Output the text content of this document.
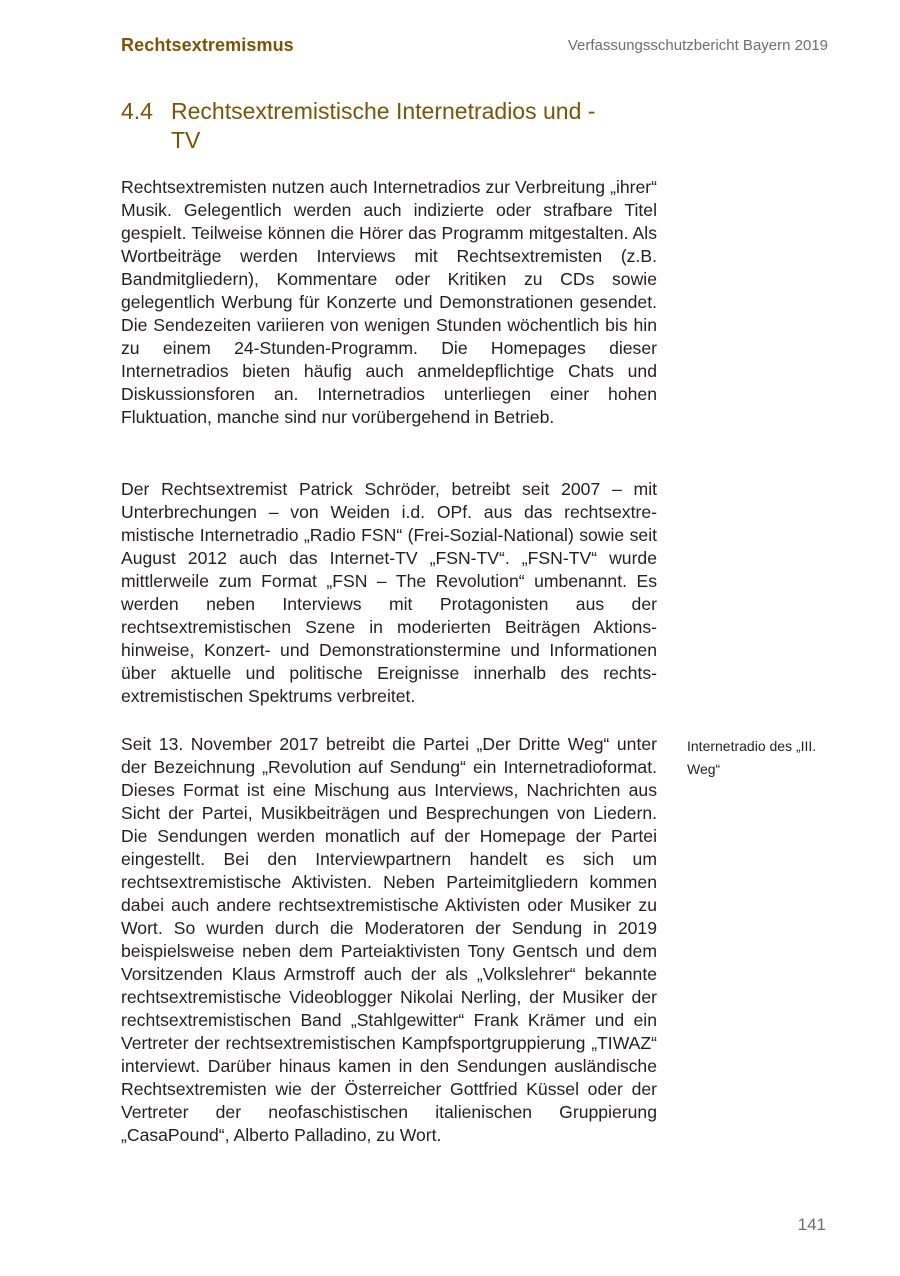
Rechtsextremismus	Verfassungsschutzbericht Bayern 2019
4.4 Rechtsextremistische Internetradios und -TV

Rechtsextremisten nutzen auch Internetradios zur Verbreitung „ihrer“ Musik. Gelegentlich werden auch indizierte oder strafbare Titel gespielt. Teilweise können die Hörer das Programm mitgestalten. Als Wortbeiträge werden Interviews mit Rechtsextremisten (z.B. Bandmitgliedern), Kommentare oder Kritiken zu CDs sowie gelegentlich Werbung für Konzerte und Demonstrationen gesendet. Die Sendezeiten variieren von wenigen Stunden wöchentlich bis hin zu einem 24-Stunden-Programm. Die Homepages dieser Internetradios bieten häufig auch anmeldepflichtige Chats und Diskussionsforen an. Internetradios unterliegen einer hohen Fluktuation, manche sind nur vorübergehend in Betrieb.

Der Rechtsextremist Patrick Schröder, betreibt seit 2007 – mit Unterbrechungen – von Weiden i.d. OPf. aus das rechtsextremistische Internetradio „Radio FSN“ (Frei-Sozial-National) sowie seit August 2012 auch das Internet-TV „FSN-TV“. „FSN-TV“ wurde mittlerweile zum Format „FSN – The Revolution“ umbenannt. Es werden neben Interviews mit Protagonisten aus der rechtsextremistischen Szene in moderierten Beiträgen Aktionshinweise, Konzert- und Demonstrationstermine und Informationen über aktuelle und politische Ereignisse innerhalb des rechtsextremistischen Spektrums verbreitet.

Seit 13. November 2017 betreibt die Partei „Der Dritte Weg“ unter der Bezeichnung „Revolution auf Sendung“ ein Internetradioformat. Dieses Format ist eine Mischung aus Interviews, Nachrichten aus Sicht der Partei, Musikbeiträgen und Besprechungen von Liedern. Die Sendungen werden monatlich auf der Homepage der Partei eingestellt. Bei den Interviewpartnern handelt es sich um rechtsextremistische Aktivisten. Neben Parteimitgliedern kommen dabei auch andere rechtsextremistische Aktivisten oder Musiker zu Wort. So wurden durch die Moderatoren der Sendung in 2019 beispielsweise neben dem Parteiaktivisten Tony Gentsch und dem Vorsitzenden Klaus Armstroff auch der als „Volkslehrer“ bekannte rechtsextremistische Videoblogger Nikolai Nerling, der Musiker der rechtsextremistischen Band „Stahlgewitter“ Frank Krämer und ein Vertreter der rechtsextremistischen Kampfsportgruppierung „TIWAZ“ interviewt. Darüber hinaus kamen in den Sendungen ausländische Rechtsextremisten wie der Österreicher Gottfried Küssel oder der Vertreter der neofaschistischen italienischen Gruppierung „CasaPound“, Alberto Palladino, zu Wort.

Internetradio des „III. Weg“
141
